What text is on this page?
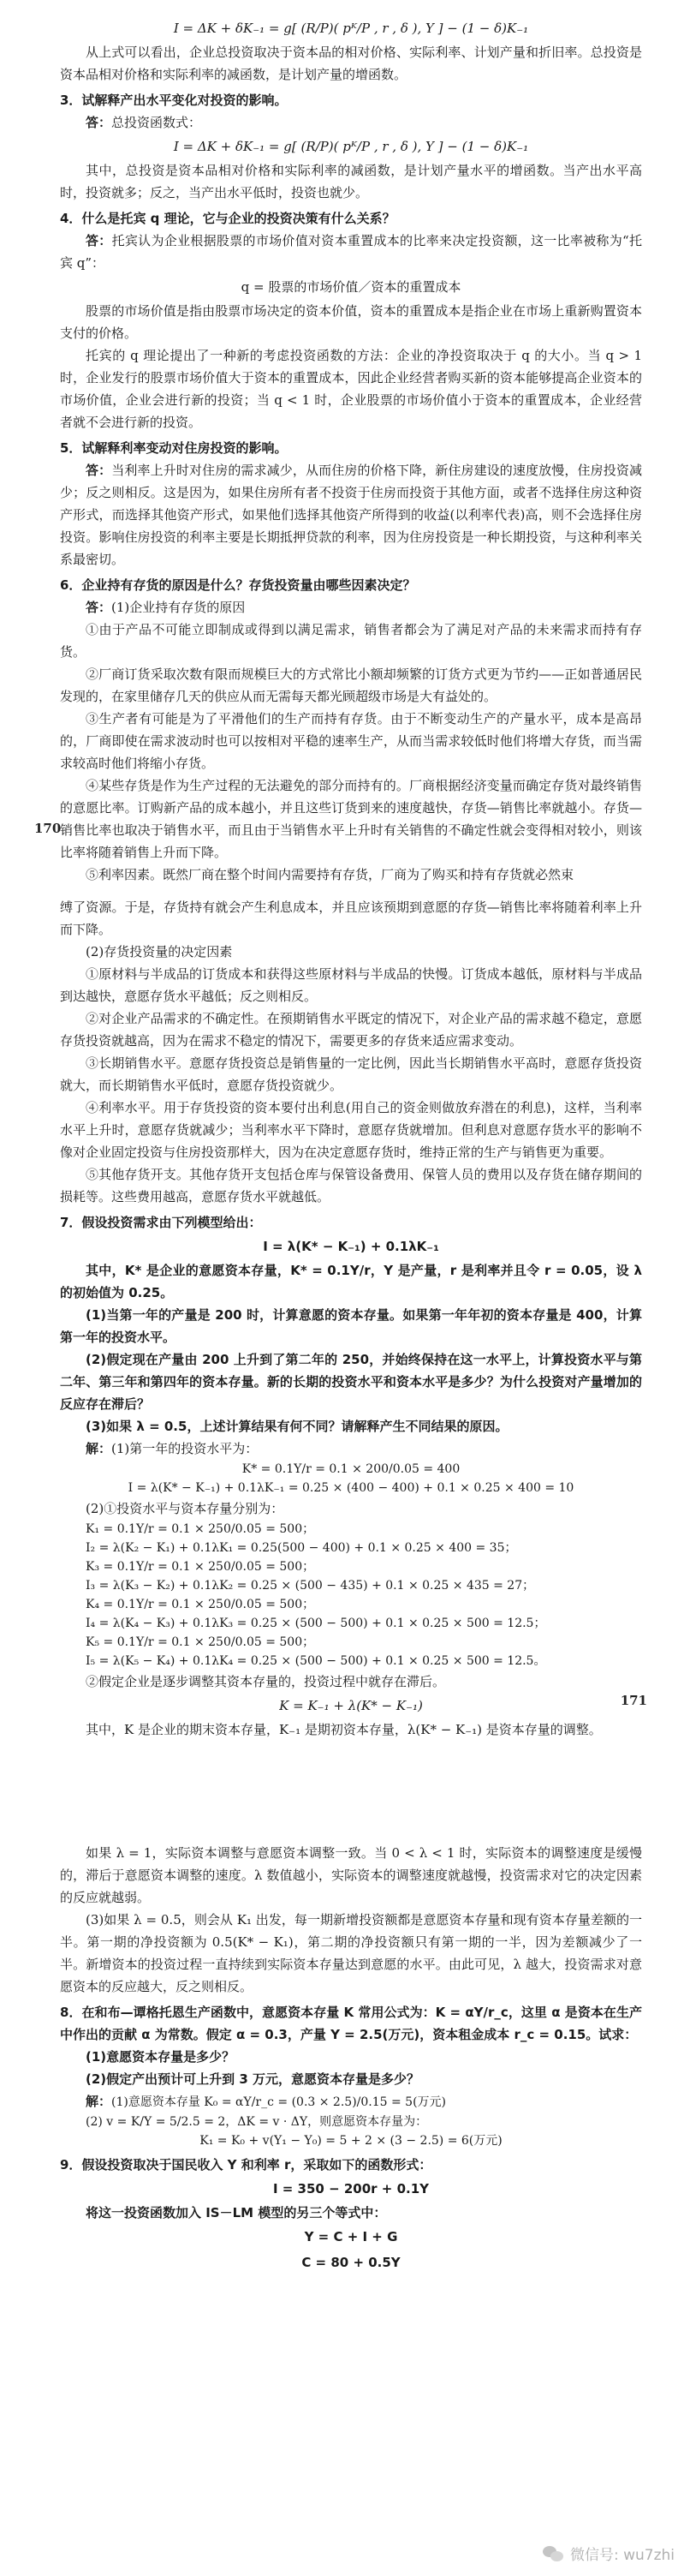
I = ΔK + δK₋₁ = g[ (R/P)( pᴷ/P , r , δ ), Y ] − (1 − δ)K₋₁

从上式可以看出，企业总投资取决于资本品的相对价格、实际利率、计划产量和折旧率。总投资是资本品相对价格和实际利率的减函数，是计划产量的增函数。

3．试解释产出水平变化对投资的影响。

答：总投资函数式：

I = ΔK + δK₋₁ = g[ (R/P)( pᴷ/P , r , δ ), Y ] − (1 − δ)K₋₁

其中，总投资是资本品相对价格和实际利率的减函数，是计划产量水平的增函数。当产出水平高时，投资就多；反之，当产出水平低时，投资也就少。

4．什么是托宾 q 理论，它与企业的投资决策有什么关系？

答：托宾认为企业根据股票的市场价值对资本重置成本的比率来决定投资额，这一比率被称为“托宾 q”：

q = 股票的市场价值／资本的重置成本

股票的市场价值是指由股票市场决定的资本价值，资本的重置成本是指企业在市场上重新购置资本支付的价格。

托宾的 q 理论提出了一种新的考虑投资函数的方法：企业的净投资取决于 q 的大小。当 q > 1 时，企业发行的股票市场价值大于资本的重置成本，因此企业经营者购买新的资本能够提高企业资本的市场价值，企业会进行新的投资；当 q < 1 时，企业股票的市场价值小于资本的重置成本，企业经营者就不会进行新的投资。

5．试解释利率变动对住房投资的影响。

答：当利率上升时对住房的需求减少，从而住房的价格下降，新住房建设的速度放慢，住房投资减少；反之则相反。这是因为，如果住房所有者不投资于住房而投资于其他方面，或者不选择住房这种资产形式，而选择其他资产形式，如果他们选择其他资产所得到的收益(以利率代表)高，则不会选择住房投资。影响住房投资的利率主要是长期抵押贷款的利率，因为住房投资是一种长期投资，与这种利率关系最密切。

6．企业持有存货的原因是什么？存货投资量由哪些因素决定？

答：(1)企业持有存货的原因

①由于产品不可能立即制成或得到以满足需求，销售者都会为了满足对产品的未来需求而持有存货。

②厂商订货采取次数有限而规模巨大的方式常比小额却频繁的订货方式更为节约——正如普通居民发现的，在家里储存几天的供应从而无需每天都光顾超级市场是大有益处的。

③生产者有可能是为了平滑他们的生产而持有存货。由于不断变动生产的产量水平，成本是高昂的，厂商即使在需求波动时也可以按相对平稳的速率生产，从而当需求较低时他们将增大存货，而当需求较高时他们将缩小存货。

④某些存货是作为生产过程的无法避免的部分而持有的。厂商根据经济变量而确定存货对最终销售的意愿比率。订购新产品的成本越小，并且这些订货到来的速度越快，存货—销售比率就越小。存货—销售比率也取决于销售水平，而且由于当销售水平上升时有关销售的不确定性就会变得相对较小，则该比率将随着销售上升而下降。

⑤利率因素。既然厂商在整个时间内需要持有存货，厂商为了购买和持有存货就必然束

170

缚了资源。于是，存货持有就会产生利息成本，并且应该预期到意愿的存货—销售比率将随着利率上升而下降。

(2)存货投资量的决定因素

①原材料与半成品的订货成本和获得这些原材料与半成品的快慢。订货成本越低，原材料与半成品到达越快，意愿存货水平越低；反之则相反。

②对企业产品需求的不确定性。在预期销售水平既定的情况下，对企业产品的需求越不稳定，意愿存货投资就越高，因为在需求不稳定的情况下，需要更多的存货来适应需求变动。

③长期销售水平。意愿存货投资总是销售量的一定比例，因此当长期销售水平高时，意愿存货投资就大，而长期销售水平低时，意愿存货投资就少。

④利率水平。用于存货投资的资本要付出利息(用自己的资金则做放弃潜在的利息)，这样，当利率水平上升时，意愿存货就减少；当利率水平下降时，意愿存货就增加。但利息对意愿存货水平的影响不像对企业固定投资与住房投资那样大，因为在决定意愿存货时，维持正常的生产与销售更为重要。

⑤其他存货开支。其他存货开支包括仓库与保管设备费用、保管人员的费用以及存货在储存期间的损耗等。这些费用越高，意愿存货水平就越低。

7．假设投资需求由下列模型给出：

I = λ(K* − K₋₁) + 0.1λK₋₁

其中，K* 是企业的意愿资本存量，K* = 0.1Y/r，Y 是产量，r 是利率并且令 r = 0.05，设 λ 的初始值为 0.25。

(1)当第一年的产量是 200 时，计算意愿的资本存量。如果第一年年初的资本存量是 400，计算第一年的投资水平。

(2)假定现在产量由 200 上升到了第二年的 250，并始终保持在这一水平上，计算投资水平与第二年、第三年和第四年的资本存量。新的长期的投资水平和资本水平是多少？为什么投资对产量增加的反应存在滞后？

(3)如果 λ = 0.5，上述计算结果有何不同？请解释产生不同结果的原因。

解：(1)第一年的投资水平为：

K* = 0.1Y/r = 0.1 × 200/0.05 = 400

I = λ(K* − K₋₁) + 0.1λK₋₁ = 0.25 × (400 − 400) + 0.1 × 0.25 × 400 = 10

(2)①投资水平与资本存量分别为：

K₁ = 0.1Y/r = 0.1 × 250/0.05 = 500；

I₂ = λ(K₂ − K₁) + 0.1λK₁ = 0.25(500 − 400) + 0.1 × 0.25 × 400 = 35；

K₃ = 0.1Y/r = 0.1 × 250/0.05 = 500；

I₃ = λ(K₃ − K₂) + 0.1λK₂ = 0.25 × (500 − 435) + 0.1 × 0.25 × 435 = 27；

K₄ = 0.1Y/r = 0.1 × 250/0.05 = 500；

I₄ = λ(K₄ − K₃) + 0.1λK₃ = 0.25 × (500 − 500) + 0.1 × 0.25 × 500 = 12.5；

K₅ = 0.1Y/r = 0.1 × 250/0.05 = 500；

I₅ = λ(K₅ − K₄) + 0.1λK₄ = 0.25 × (500 − 500) + 0.1 × 0.25 × 500 = 12.5。

②假定企业是逐步调整其资本存量的，投资过程中就存在滞后。

K = K₋₁ + λ(K* − K₋₁)

其中，K 是企业的期末资本存量，K₋₁ 是期初资本存量，λ(K* − K₋₁) 是资本存量的调整。

171

如果 λ = 1，实际资本调整与意愿资本调整一致。当 0 < λ < 1 时，实际资本的调整速度是缓慢的，滞后于意愿资本调整的速度。λ 数值越小，实际资本的调整速度就越慢，投资需求对它的决定因素的反应就越弱。

(3)如果 λ = 0.5，则会从 K₁ 出发，每一期新增投资额都是意愿资本存量和现有资本存量差额的一半。第一期的净投资额为 0.5(K* − K₁)，第二期的净投资额只有第一期的一半，因为差额减少了一半。新增资本的投资过程一直持续到实际资本存量达到意愿的水平。由此可见，λ 越大，投资需求对意愿资本的反应越大，反之则相反。

8．在和布—谭格托恩生产函数中，意愿资本存量 K 常用公式为：K = αY/r_c，这里 α 是资本在生产中作出的贡献 α 为常数。假定 α = 0.3，产量 Y = 2.5(万元)，资本租金成本 r_c = 0.15。试求：

(1)意愿资本存量是多少？

(2)假定产出预计可上升到 3 万元，意愿资本存量是多少？

解：(1)意愿资本存量 K₀ = αY/r_c = (0.3 × 2.5)/0.15 = 5(万元)

(2) v = K/Y = 5/2.5 = 2，ΔK = v · ΔY，则意愿资本存量为：

K₁ = K₀ + v(Y₁ − Y₀) = 5 + 2 × (3 − 2.5) = 6(万元)

9．假设投资取决于国民收入 Y 和利率 r，采取如下的函数形式：

I = 350 − 200r + 0.1Y

将这一投资函数加入 IS－LM 模型的另三个等式中：

Y = C + I + G

C = 80 + 0.5Y

微信号: wu7zhi
